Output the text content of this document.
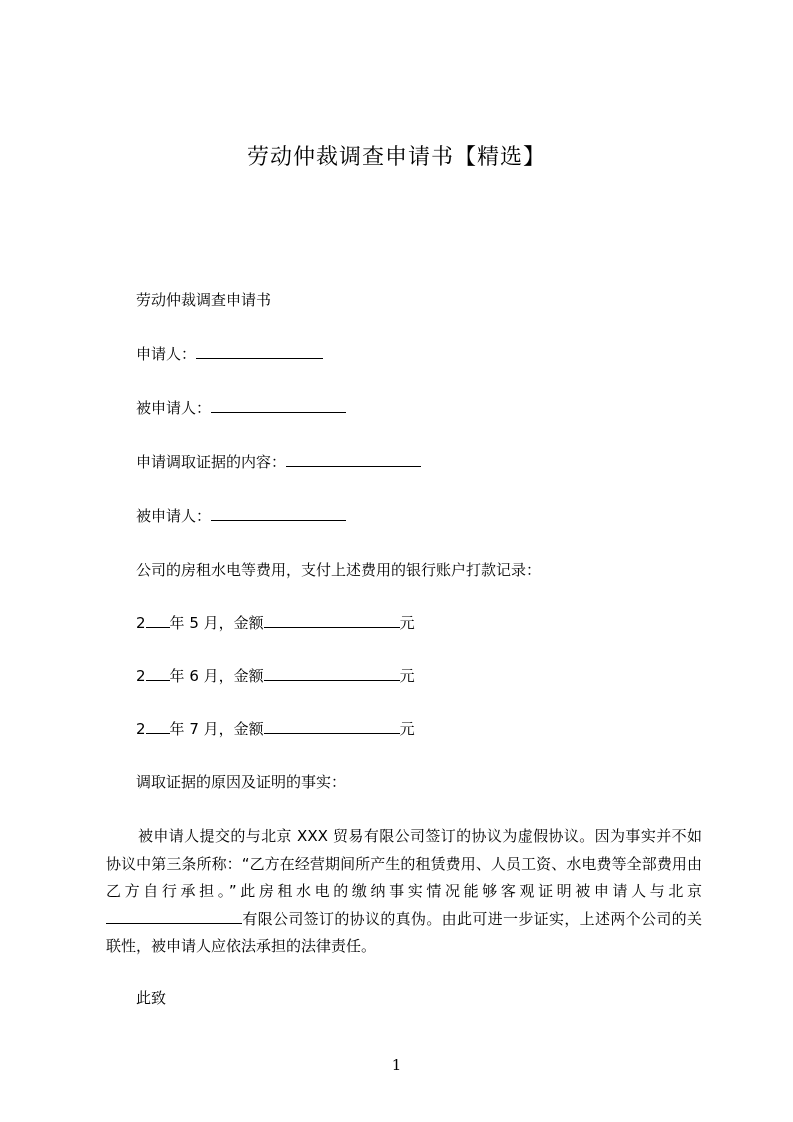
劳动仲裁调查申请书【精选】
劳动仲裁调查申请书
申请人：
被申请人：
申请调取证据的内容：
被申请人：
公司的房租水电等费用，支付上述费用的银行账户打款记录：
2 年 5 月，金额	元
2 年 6 月，金额	元
2 年 7 月，金额	元
调取证据的原因及证明的事实：
被申请人提交的与北京 XXX 贸易有限公司签订的协议为虚假协议。因为事实并不如协议中第三条所称：“乙方在经营期间所产生的租赁费用、人员工资、水电费等全部费用由乙方自行承担。”此房租水电的缴纳事实情况能够客观证明被申请人与北京有限公司签订的协议的真伪。由此可进一步证实，上述两个公司的关联性，被申请人应依法承担的法律责任。
此致
1
